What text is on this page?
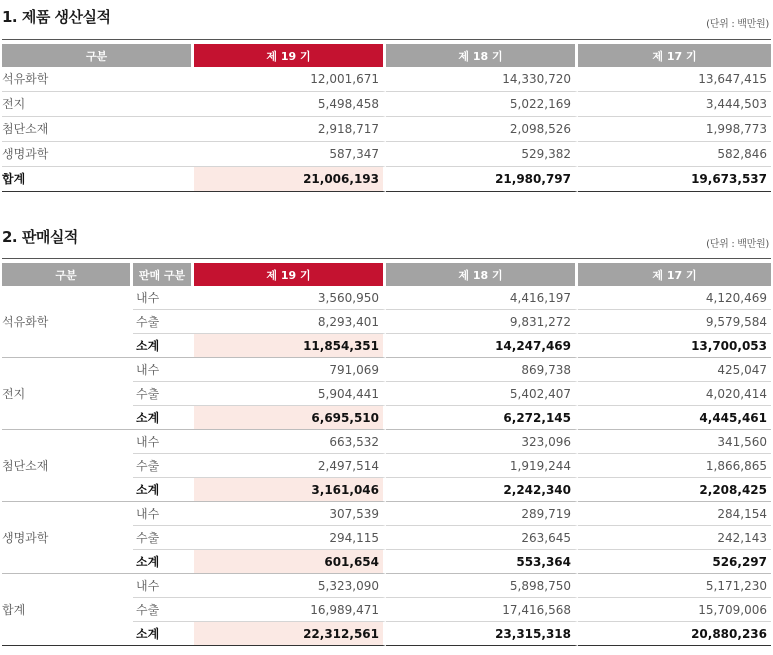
1. 제품 생산실적	(단위 : 백만원)
구분	제 19 기	제 18 기	제 17 기
석유화학	12,001,671	14,330,720	13,647,415
전지	5,498,458	5,022,169	3,444,503
첨단소재	2,918,717	2,098,526	1,998,773
생명과학	587,347	529,382	582,846
합계	21,006,193	21,980,797	19,673,537
2. 판매실적	(단위 : 백만원)
구분	판매 구분	제 19 기	제 18 기	제 17 기
석유화학	내수	3,560,950	4,416,197	4,120,469
	수출	8,293,401	9,831,272	9,579,584
	소계	11,854,351	14,247,469	13,700,053
전지	내수	791,069	869,738	425,047
	수출	5,904,441	5,402,407	4,020,414
	소계	6,695,510	6,272,145	4,445,461
첨단소재	내수	663,532	323,096	341,560
	수출	2,497,514	1,919,244	1,866,865
	소계	3,161,046	2,242,340	2,208,425
생명과학	내수	307,539	289,719	284,154
	수출	294,115	263,645	242,143
	소계	601,654	553,364	526,297
합계	내수	5,323,090	5,898,750	5,171,230
	수출	16,989,471	17,416,568	15,709,006
	소계	22,312,561	23,315,318	20,880,236
